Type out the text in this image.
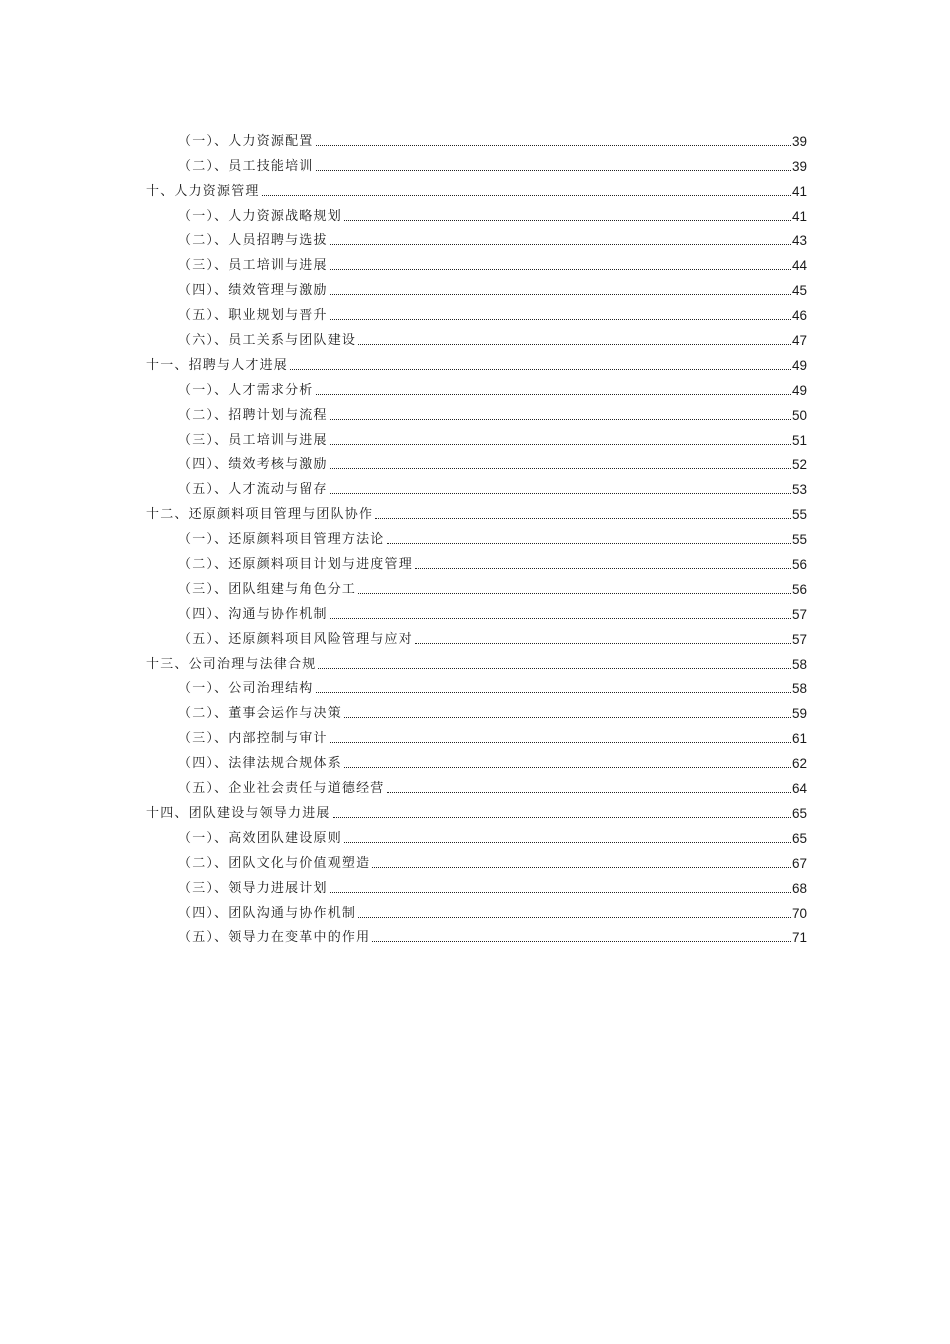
（一）、人力资源配置	39
（二）、员工技能培训	39
十、人力资源管理	41
（一）、人力资源战略规划	41
（二）、人员招聘与选拔	43
（三）、员工培训与进展	44
（四）、绩效管理与激励	45
（五）、职业规划与晋升	46
（六）、员工关系与团队建设	47
十一、招聘与人才进展	49
（一）、人才需求分析	49
（二）、招聘计划与流程	50
（三）、员工培训与进展	51
（四）、绩效考核与激励	52
（五）、人才流动与留存	53
十二、还原颜料项目管理与团队协作	55
（一）、还原颜料项目管理方法论	55
（二）、还原颜料项目计划与进度管理	56
（三）、团队组建与角色分工	56
（四）、沟通与协作机制	57
（五）、还原颜料项目风险管理与应对	57
十三、公司治理与法律合规	58
（一）、公司治理结构	58
（二）、董事会运作与决策	59
（三）、内部控制与审计	61
（四）、法律法规合规体系	62
（五）、企业社会责任与道德经营	64
十四、团队建设与领导力进展	65
（一）、高效团队建设原则	65
（二）、团队文化与价值观塑造	67
（三）、领导力进展计划	68
（四）、团队沟通与协作机制	70
（五）、领导力在变革中的作用	71
